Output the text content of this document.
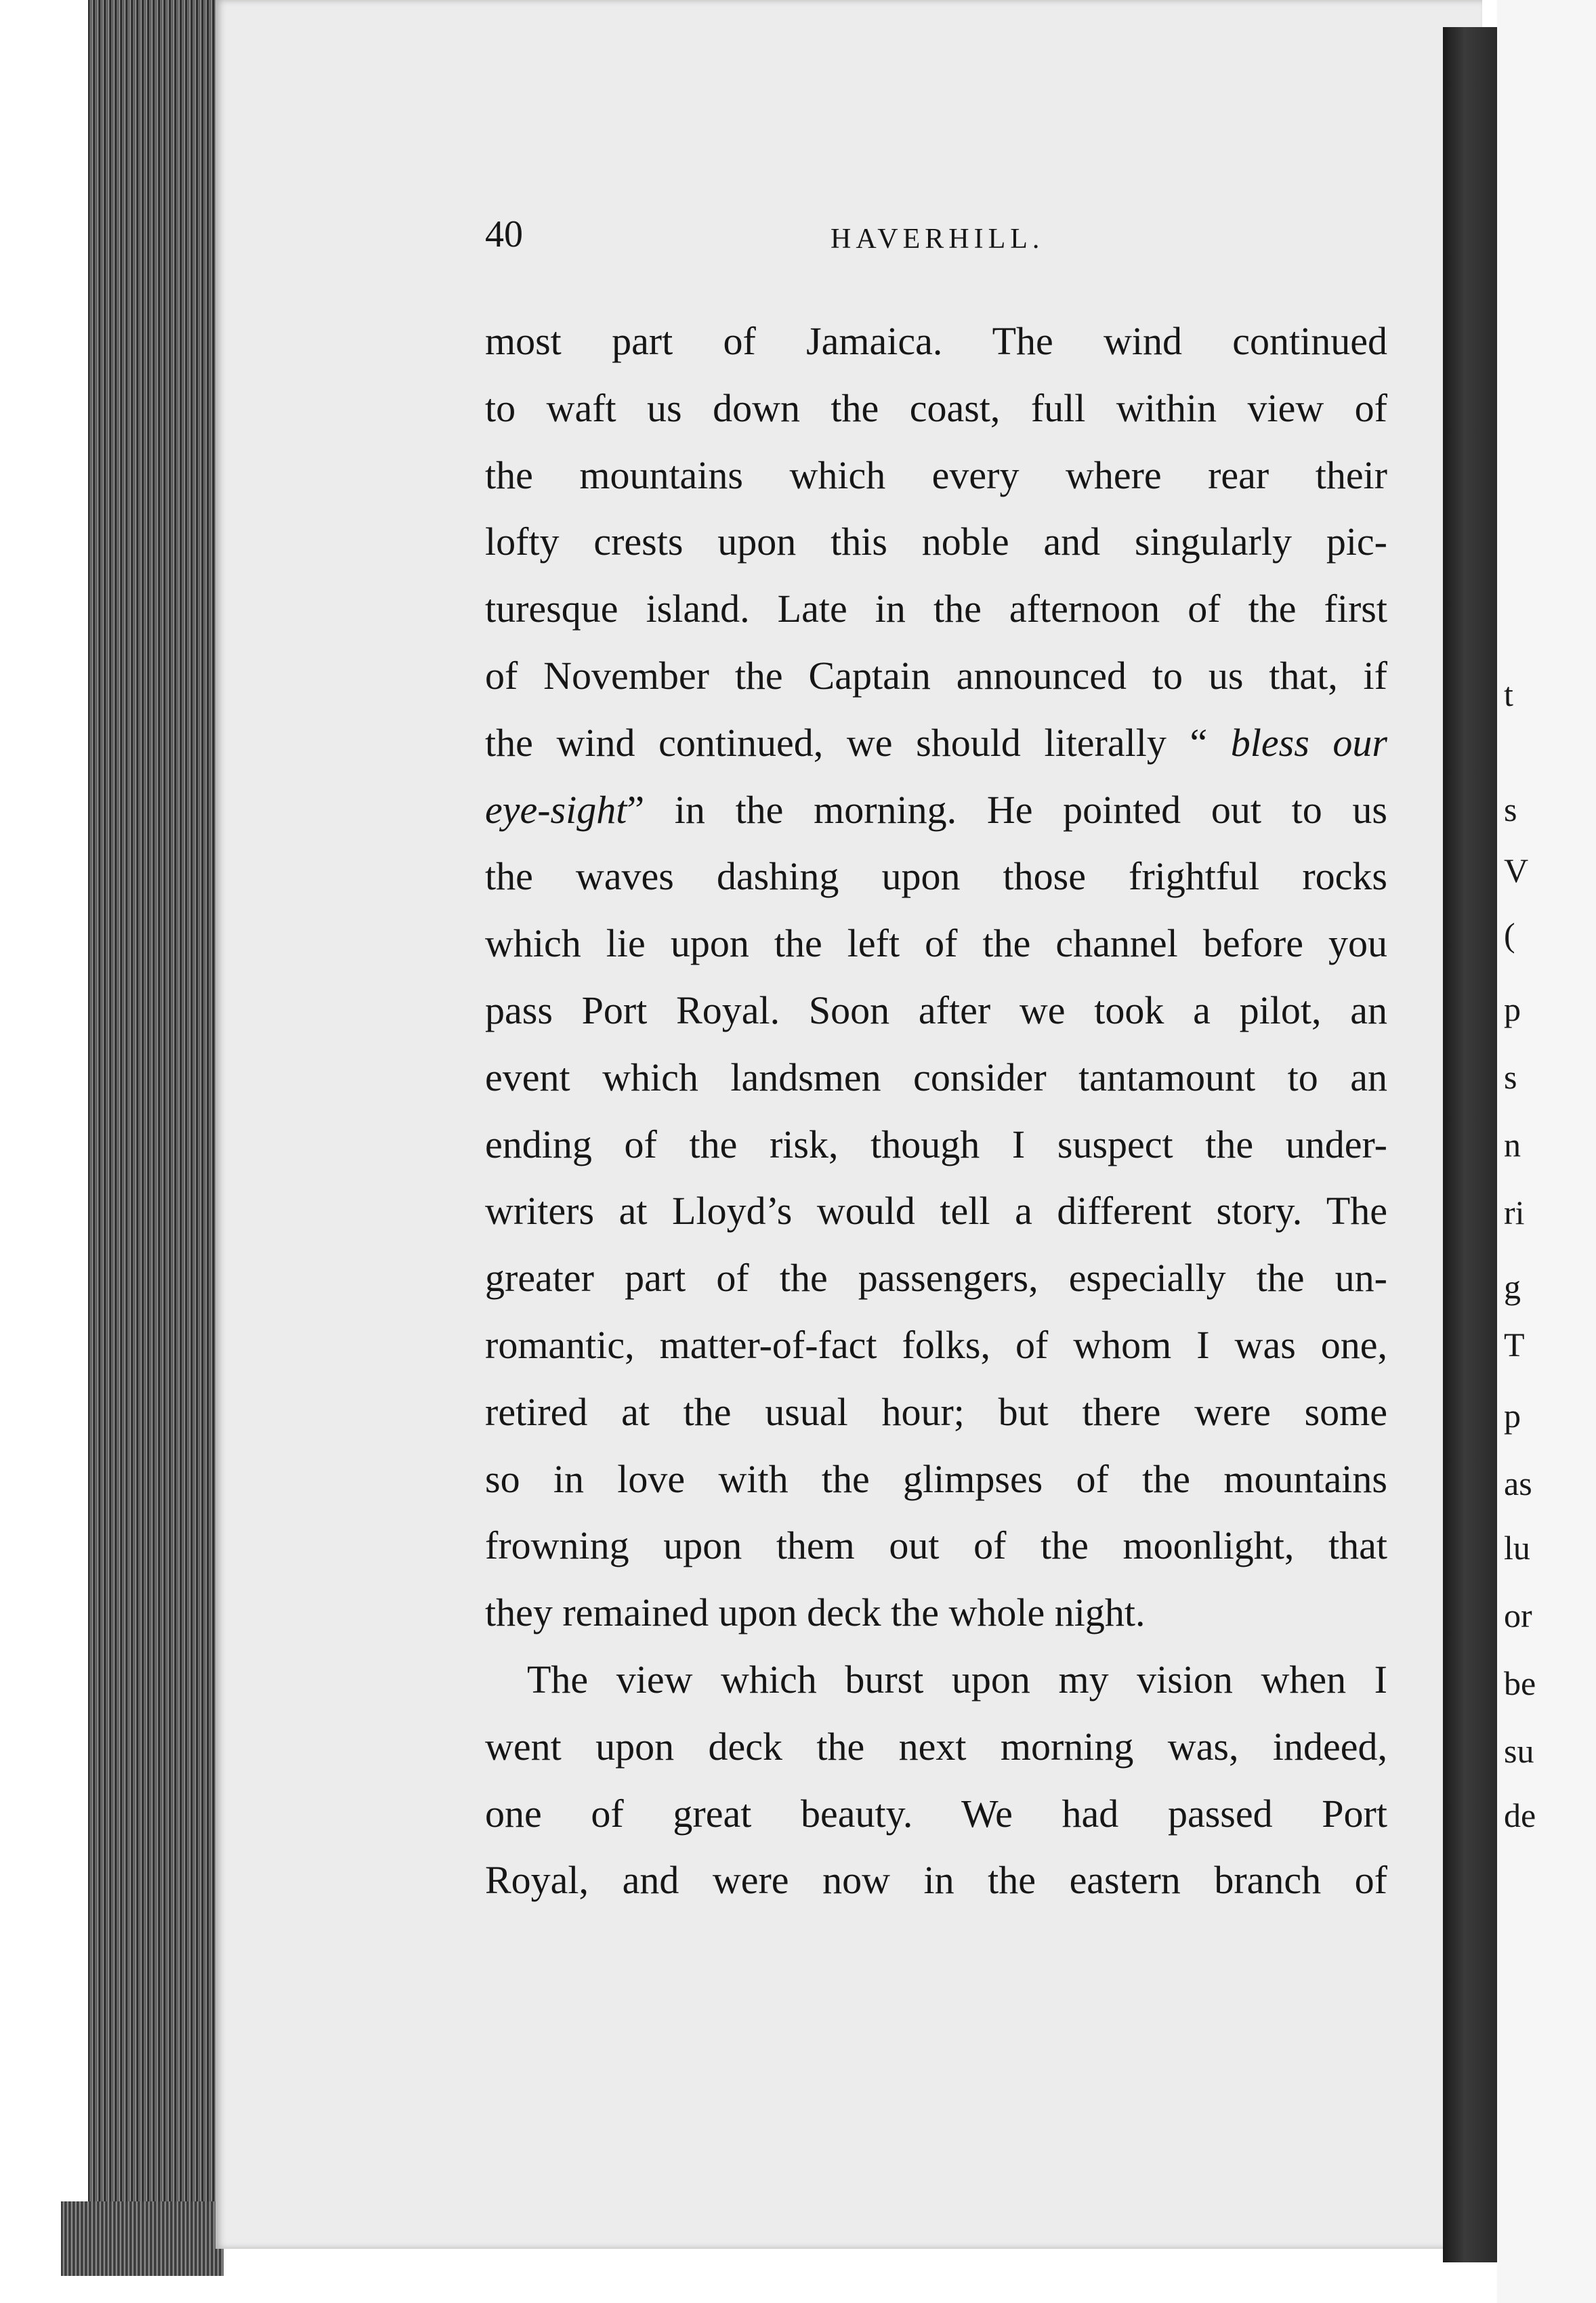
t
s
V
(
p
s
n
ri
g
T
p
as
lu
or
be
su
de
40	HAVERHILL.
most part of Jamaica. The wind continued
to waft us down the coast, full within view of
the mountains which every where rear their
lofty crests upon this noble and singularly pic-
turesque island. Late in the afternoon of the first
of November the Captain announced to us that, if
the wind continued, we should literally “ bless our
eye-sight” in the morning. He pointed out to us
the waves dashing upon those frightful rocks
which lie upon the left of the channel before you
pass Port Royal. Soon after we took a pilot, an
event which landsmen consider tantamount to an
ending of the risk, though I suspect the under-
writers at Lloyd’s would tell a different story. The
greater part of the passengers, especially the un-
romantic, matter-of-fact folks, of whom I was one,
retired at the usual hour; but there were some
so in love with the glimpses of the mountains
frowning upon them out of the moonlight, that
they remained upon deck the whole night.
The view which burst upon my vision when I
went upon deck the next morning was, indeed,
one of great beauty. We had passed Port
Royal, and were now in the eastern branch of
